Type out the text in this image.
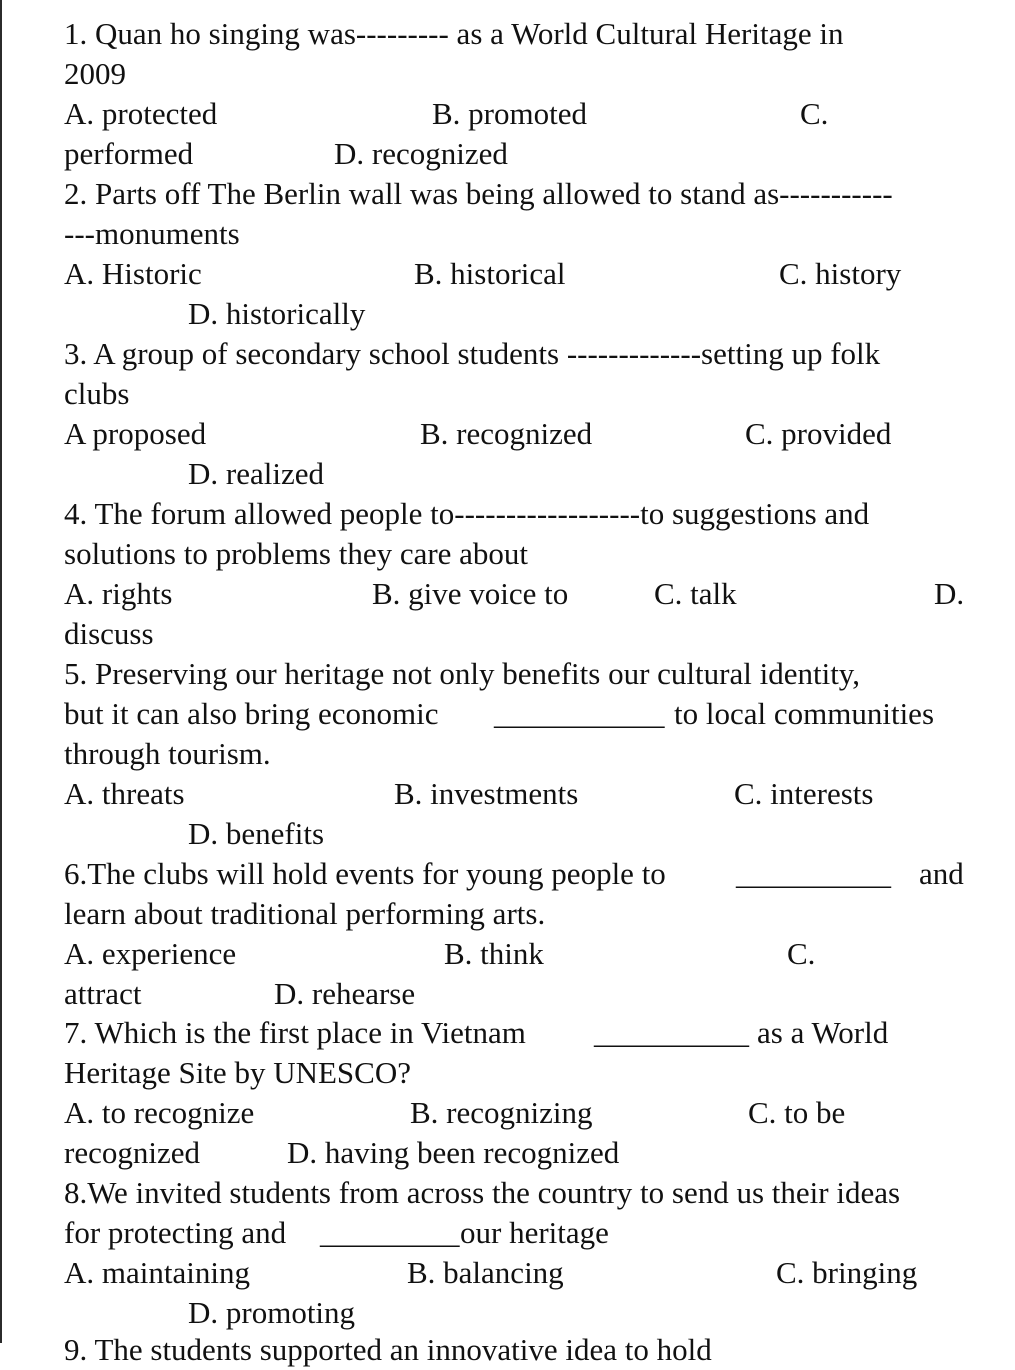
1. Quan ho singing was--------- as a World Cultural Heritage in
2009
A. protected	B. promoted	C.
performed	D. recognized
2. Parts off The Berlin wall was being allowed to stand as-----------
---monuments
A. Historic	B. historical	C. history
D. historically
3. A group of secondary school students -------------setting up folk
clubs
A proposed	B. recognized	C. provided
D. realized
4. The forum allowed people to------------------to suggestions and
solutions to problems they care about
A. rights	B. give voice to	C. talk	D.
discuss
5. Preserving our heritage not only benefits our cultural identity,
but it can also bring economic ___________ to local communities
through tourism.
A. threats	B. investments	C. interests
D. benefits
6.The clubs will hold events for young people to __________ and
learn about traditional performing arts.
A. experience	B. think	C.
attract	D. rehearse
7. Which is the first place in Vietnam __________ as a World
Heritage Site by UNESCO?
A. to recognize	B. recognizing	C. to be
recognized	D. having been recognized
8.We invited students from across the country to send us their ideas
for protecting and _________ our heritage
A. maintaining	B. balancing	C. bringing
D. promoting
9. The students supported an innovative idea to hold
